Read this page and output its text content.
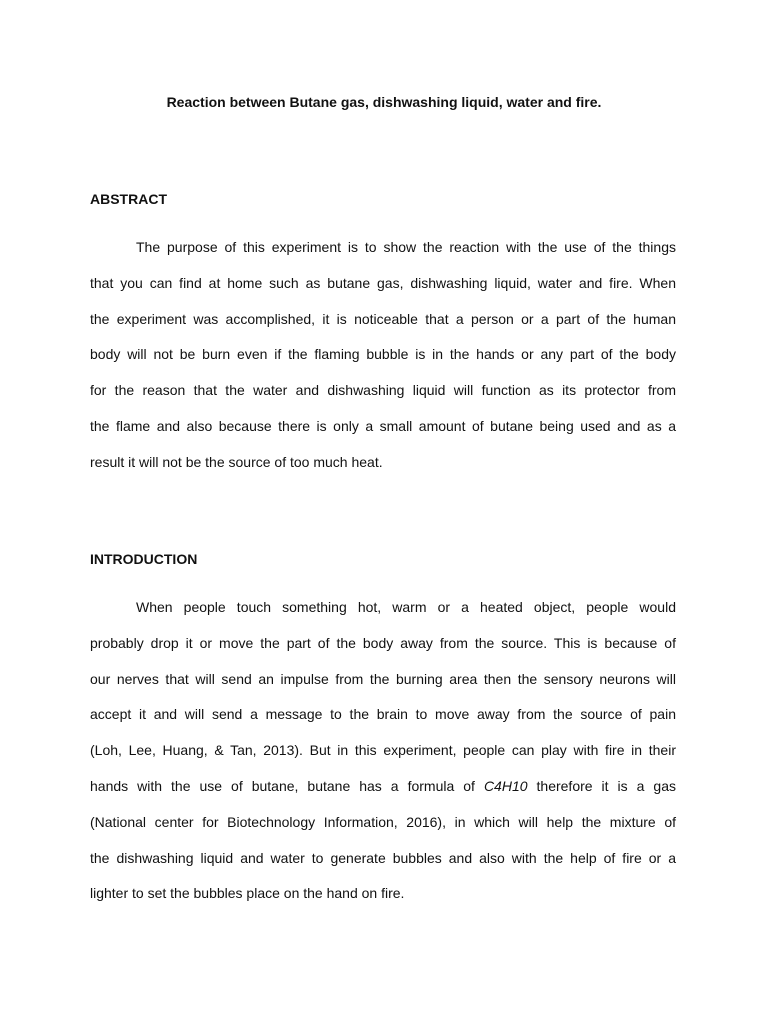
Reaction between Butane gas, dishwashing liquid, water and fire.
ABSTRACT
The purpose of this experiment is to show the reaction with the use of the things
that you can find at home such as butane gas, dishwashing liquid, water and fire. When
the experiment was accomplished, it is noticeable that a person or a part of the human
body will not be burn even if the flaming bubble is in the hands or any part of the body
for the reason that the water and dishwashing liquid will function as its protector from
the flame and also because there is only a small amount of butane being used and as a
result it will not be the source of too much heat.
INTRODUCTION
When people touch something hot, warm or a heated object, people would
probably drop it or move the part of the body away from the source. This is because of
our nerves that will send an impulse from the burning area then the sensory neurons will
accept it and will send a message to the brain to move away from the source of pain
(Loh, Lee, Huang, & Tan, 2013). But in this experiment, people can play with fire in their
hands with the use of butane, butane has a formula of C4H10 therefore it is a gas
(National center for Biotechnology Information, 2016), in which will help the mixture of
the dishwashing liquid and water to generate bubbles and also with the help of fire or a
lighter to set the bubbles place on the hand on fire.
